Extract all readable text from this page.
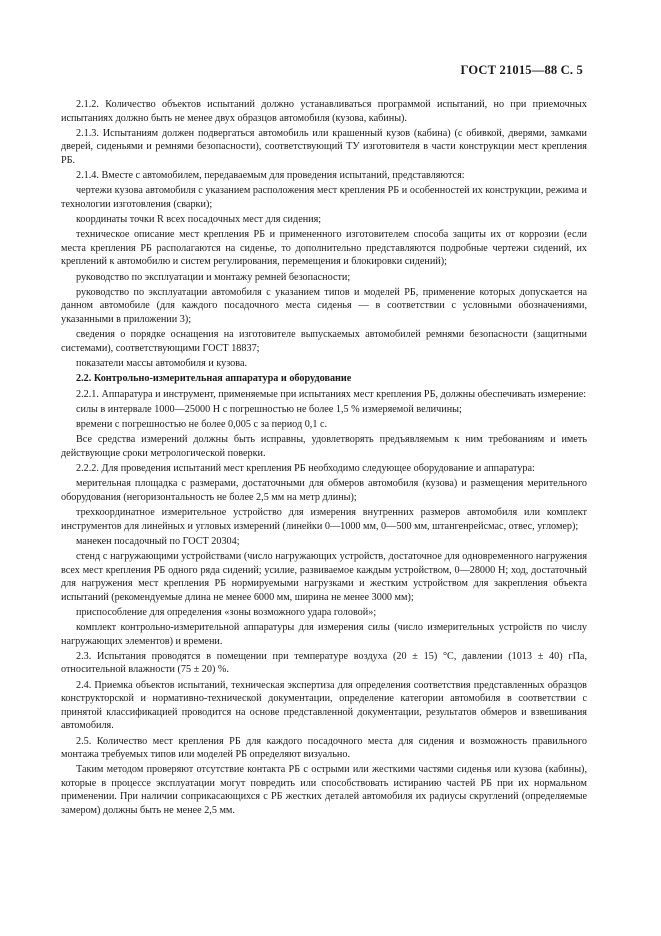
ГОСТ 21015—88 С. 5

2.1.2. Количество объектов испытаний должно устанавливаться программой испытаний, но при приемочных испытаниях должно быть не менее двух образцов автомобиля (кузова, кабины).

2.1.3. Испытаниям должен подвергаться автомобиль или крашенный кузов (кабина) (с обивкой, дверями, замками дверей, сиденьями и ремнями безопасности), соответствующий ТУ изготовителя в части конструкции мест крепления РБ.

2.1.4. Вместе с автомобилем, передаваемым для проведения испытаний, представляются:

чертежи кузова автомобиля с указанием расположения мест крепления РБ и особенностей их конструкции, режима и технологии изготовления (сварки);

координаты точки R всех посадочных мест для сидения;

техническое описание мест крепления РБ и примененного изготовителем способа защиты их от коррозии (если места крепления РБ располагаются на сиденье, то дополнительно представляются подробные чертежи сидений, их креплений к автомобилю и систем регулирования, перемещения и блокировки сидений);

руководство по эксплуатации и монтажу ремней безопасности;

руководство по эксплуатации автомобиля с указанием типов и моделей РБ, применение которых допускается на данном автомобиле (для каждого посадочного места сиденья — в соответствии с условными обозначениями, указанными в приложении 3);

сведения о порядке оснащения на изготовителе выпускаемых автомобилей ремнями безопасности (защитными системами), соответствующими ГОСТ 18837;

показатели массы автомобиля и кузова.

2.2. Контрольно-измерительная аппаратура и оборудование

2.2.1. Аппаратура и инструмент, применяемые при испытаниях мест крепления РБ, должны обеспечивать измерение:

силы в интервале 1000—25000 Н с погрешностью не более 1,5 % измеряемой величины;

времени с погрешностью не более 0,005 с за период 0,1 с.

Все средства измерений должны быть исправны, удовлетворять предъявляемым к ним требованиям и иметь действующие сроки метрологической поверки.

2.2.2. Для проведения испытаний мест крепления РБ необходимо следующее оборудование и аппаратура:

мерительная площадка с размерами, достаточными для обмеров автомобиля (кузова) и размещения мерительного оборудования (негоризонтальность не более 2,5 мм на метр длины);

трехкоординатное измерительное устройство для измерения внутренних размеров автомобиля или комплект инструментов для линейных и угловых измерений (линейки 0—1000 мм, 0—500 мм, штангенрейсмас, отвес, угломер);

манекен посадочный по ГОСТ 20304;

стенд с нагружающими устройствами (число нагружающих устройств, достаточное для одновременного нагружения всех мест крепления РБ одного ряда сидений; усилие, развиваемое каждым устройством, 0—28000 Н; ход, достаточный для нагружения мест крепления РБ нормируемыми нагрузками и жестким устройством для закрепления объекта испытаний (рекомендуемые длина не менее 6000 мм, ширина не менее 3000 мм);

приспособление для определения «зоны возможного удара головой»;

комплект контрольно-измерительной аппаратуры для измерения силы (число измерительных устройств по числу нагружающих элементов) и времени.

2.3. Испытания проводятся в помещении при температуре воздуха (20 ± 15) °С, давлении (1013 ± 40) гПа, относительной влажности (75 ± 20) %.

2.4. Приемка объектов испытаний, техническая экспертиза для определения соответствия представленных образцов конструкторской и нормативно-технической документации, определение категории автомобиля в соответствии с принятой классификацией проводится на основе представленной документации, результатов обмеров и взвешивания автомобиля.

2.5. Количество мест крепления РБ для каждого посадочного места для сидения и возможность правильного монтажа требуемых типов или моделей РБ определяют визуально.

Таким методом проверяют отсутствие контакта РБ с острыми или жесткими частями сиденья или кузова (кабины), которые в процессе эксплуатации могут повредить или способствовать истиранию частей РБ при их нормальном применении. При наличии соприкасающихся с РБ жестких деталей автомобиля их радиусы скруглений (определяемые замером) должны быть не менее 2,5 мм.
